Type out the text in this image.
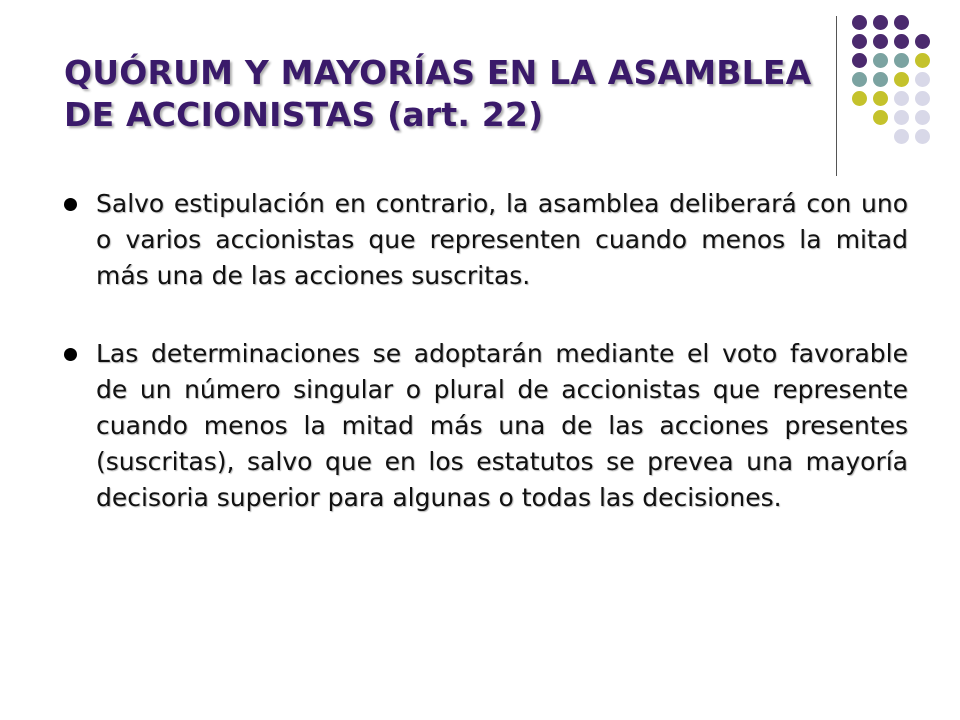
QUÓRUM Y MAYORÍAS EN LA ASAMBLEA
DE ACCIONISTAS (art. 22)
Salvo estipulación en contrario, la asamblea deliberará con uno o varios accionistas que representen cuando menos la mitad más una de las acciones suscritas.
Las determinaciones se adoptarán mediante el voto favorable de un número singular o plural de accionistas que represente cuando menos la mitad más una de las acciones presentes (suscritas), salvo que en los estatutos se prevea una mayoría decisoria superior para algunas o todas las decisiones.
